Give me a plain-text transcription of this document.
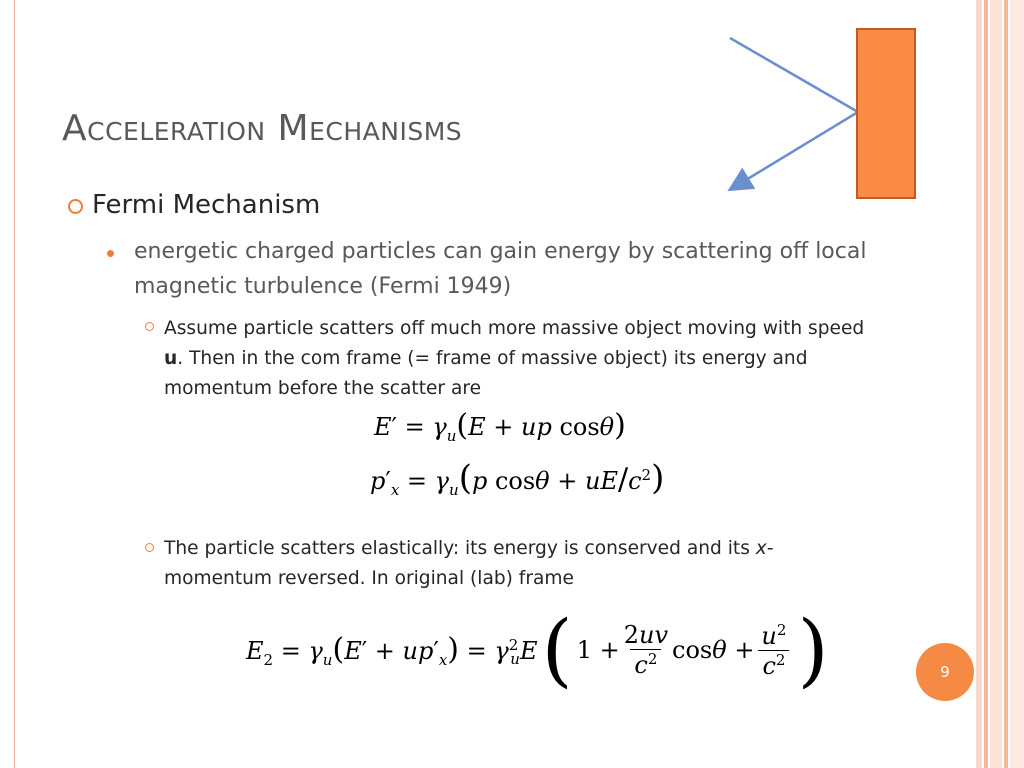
Acceleration Mechanisms
Fermi Mechanism
energetic charged particles can gain energy by scattering off local magnetic turbulence (Fermi 1949)
Assume particle scatters off much more massive object moving with speed u. Then in the com frame (= frame of massive object) its energy and momentum before the scatter are
$E' = \gamma_u(E$ + up cosθ)
$p'_x = \gamma_u(p$ $\cos\theta + uE/c^2$)
The particle scatters elastically: its energy is conserved and its x-momentum reversed. In original (lab) frame
$E_2 = \gamma_u(E' + up'_x) = \gamma^2_uE$ ( $1 + \frac{2uv}{c^2}$ $\cos\theta + \frac{u^2}{c^2}$ )	9
